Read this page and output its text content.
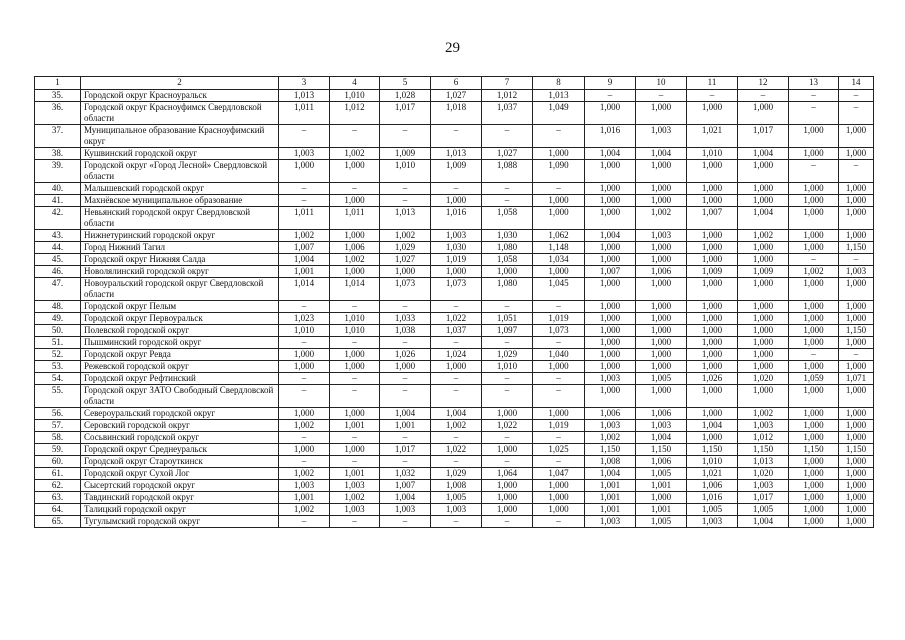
29
1	2	3	4	5	6	7	8	9	10	11	12	13	14
35.	Городской округ Красноуральск	1,013	1,010	1,028	1,027	1,012	1,013	–	–	–	–	–	–
36.	Городской округ Красноуфимск Свердловской области	1,011	1,012	1,017	1,018	1,037	1,049	1,000	1,000	1,000	1,000	–	–
37.	Муниципальное образование Красноуфимский округ	–	–	–	–	–	–	1,016	1,003	1,021	1,017	1,000	1,000
38.	Кушвинский городской округ	1,003	1,002	1,009	1,013	1,027	1,000	1,004	1,004	1,010	1,004	1,000	1,000
39.	Городской округ «Город Лесной» Свердловской области	1,000	1,000	1,010	1,009	1,088	1,090	1,000	1,000	1,000	1,000	–	–
40.	Малышевский городской округ	–	–	–	–	–	–	1,000	1,000	1,000	1,000	1,000	1,000
41.	Махнёвское муниципальное образование	–	1,000	–	1,000	–	1,000	1,000	1,000	1,000	1,000	1,000	1,000
42.	Невьянский городской округ Свердловской области	1,011	1,011	1,013	1,016	1,058	1,000	1,000	1,002	1,007	1,004	1,000	1,000
43.	Нижнетуринский городской округ	1,002	1,000	1,002	1,003	1,030	1,062	1,004	1,003	1,000	1,002	1,000	1,000
44.	Город Нижний Тагил	1,007	1,006	1,029	1,030	1,080	1,148	1,000	1,000	1,000	1,000	1,000	1,150
45.	Городской округ Нижняя Салда	1,004	1,002	1,027	1,019	1,058	1,034	1,000	1,000	1,000	1,000	–	–
46.	Новолялинский городской округ	1,001	1,000	1,000	1,000	1,000	1,000	1,007	1,006	1,009	1,009	1,002	1,003
47.	Новоуральский городской округ Свердловской области	1,014	1,014	1,073	1,073	1,080	1,045	1,000	1,000	1,000	1,000	1,000	1,000
48.	Городской округ Пелым	–	–	–	–	–	–	1,000	1,000	1,000	1,000	1,000	1,000
49.	Городской округ Первоуральск	1,023	1,010	1,033	1,022	1,051	1,019	1,000	1,000	1,000	1,000	1,000	1,000
50.	Полевской городской округ	1,010	1,010	1,038	1,037	1,097	1,073	1,000	1,000	1,000	1,000	1,000	1,150
51.	Пышминский городской округ	–	–	–	–	–	–	1,000	1,000	1,000	1,000	1,000	1,000
52.	Городской округ Ревда	1,000	1,000	1,026	1,024	1,029	1,040	1,000	1,000	1,000	1,000	–	–
53.	Режевской городской округ	1,000	1,000	1,000	1,000	1,010	1,000	1,000	1,000	1,000	1,000	1,000	1,000
54.	Городской округ Рефтинский	–	–	–	–	–	–	1,003	1,005	1,026	1,020	1,059	1,071
55.	Городской округ ЗАТО Свободный Свердловской области	–	–	–	–	–	–	1,000	1,000	1,000	1,000	1,000	1,000
56.	Североуральский городской округ	1,000	1,000	1,004	1,004	1,000	1,000	1,006	1,006	1,000	1,002	1,000	1,000
57.	Серовский городской округ	1,002	1,001	1,001	1,002	1,022	1,019	1,003	1,003	1,004	1,003	1,000	1,000
58.	Сосьвинский городской округ	–	–	–	–	–	–	1,002	1,004	1,000	1,012	1,000	1,000
59.	Городской округ Среднеуральск	1,000	1,000	1,017	1,022	1,000	1,025	1,150	1,150	1,150	1,150	1,150	1,150
60.	Городской округ Староуткинск	–	–	–	–	–	–	1,008	1,006	1,010	1,013	1,000	1,000
61.	Городской округ Сухой Лог	1,002	1,001	1,032	1,029	1,064	1,047	1,004	1,005	1,021	1,020	1,000	1,000
62.	Сысертский городской округ	1,003	1,003	1,007	1,008	1,000	1,000	1,001	1,001	1,006	1,003	1,000	1,000
63.	Тавдинский городской округ	1,001	1,002	1,004	1,005	1,000	1,000	1,001	1,000	1,016	1,017	1,000	1,000
64.	Талицкий городской округ	1,002	1,003	1,003	1,003	1,000	1,000	1,001	1,001	1,005	1,005	1,000	1,000
65.	Тугулымский городской округ	–	–	–	–	–	–	1,003	1,005	1,003	1,004	1,000	1,000
